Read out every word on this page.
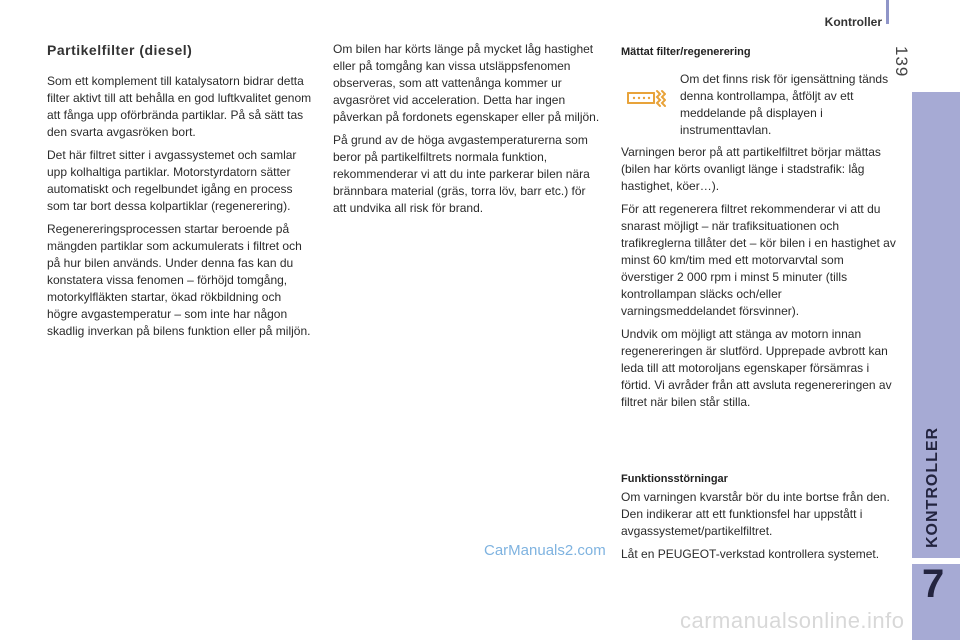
Kontroller
139
KONTROLLER
7
Partikelfilter (diesel)

Som ett komplement till katalysatorn bidrar detta filter aktivt till att behålla en god luftkvalitet genom att fånga upp oförbrända partiklar. På så sätt tas den svarta avgasröken bort.

Det här filtret sitter i avgassystemet och samlar upp kolhaltiga partiklar. Motorstyrdatorn sätter automatiskt och regelbundet igång en process som tar bort dessa kolpartiklar (regenerering).

Regenereringsprocessen startar beroende på mängden partiklar som ackumulerats i filtret och på hur bilen används. Under denna fas kan du konstatera vissa fenomen – förhöjd tomgång, motorkylfläkten startar, ökad rökbildning och högre avgastemperatur – som inte har någon skadlig inverkan på bilens funktion eller på miljön.

Om bilen har körts länge på mycket låg hastighet eller på tomgång kan vissa utsläppsfenomen observeras, som att vattenånga kommer ur avgasröret vid acceleration. Detta har ingen påverkan på fordonets egenskaper eller på miljön.

På grund av de höga avgastemperaturerna som beror på partikelfiltrets normala funktion, rekommenderar vi att du inte parkerar bilen nära brännbara material (gräs, torra löv, barr etc.) för att undvika all risk för brand.

Mättat filter/regenerering
Om det finns risk för igensättning tänds denna kontrollampa, åtföljt av ett meddelande på displayen i instrumenttavlan.

Varningen beror på att partikelfiltret börjar mättas (bilen har körts ovanligt länge i stadstrafik: låg hastighet, köer…).

För att regenerera filtret rekommenderar vi att du snarast möjligt – när trafiksituationen och trafikreglerna tillåter det – kör bilen i en hastighet av minst 60 km/tim med ett motorvarvtal som överstiger 2 000 rpm i minst 5 minuter (tills kontrollampan släcks och/eller varningsmeddelandet försvinner).

Undvik om möjligt att stänga av motorn innan regenereringen är slutförd. Upprepade avbrott kan leda till att motoroljans egenskaper försämras i förtid. Vi avråder från att avsluta regenereringen av filtret när bilen står stilla.

Funktionsstörningar

Om varningen kvarstår bör du inte bortse från den. Den indikerar att ett funktionsfel har uppstått i avgassystemet/partikelfiltret.

Låt en PEUGEOT-verkstad kontrollera systemet.

CarManuals2.com
carmanualsonline.info
